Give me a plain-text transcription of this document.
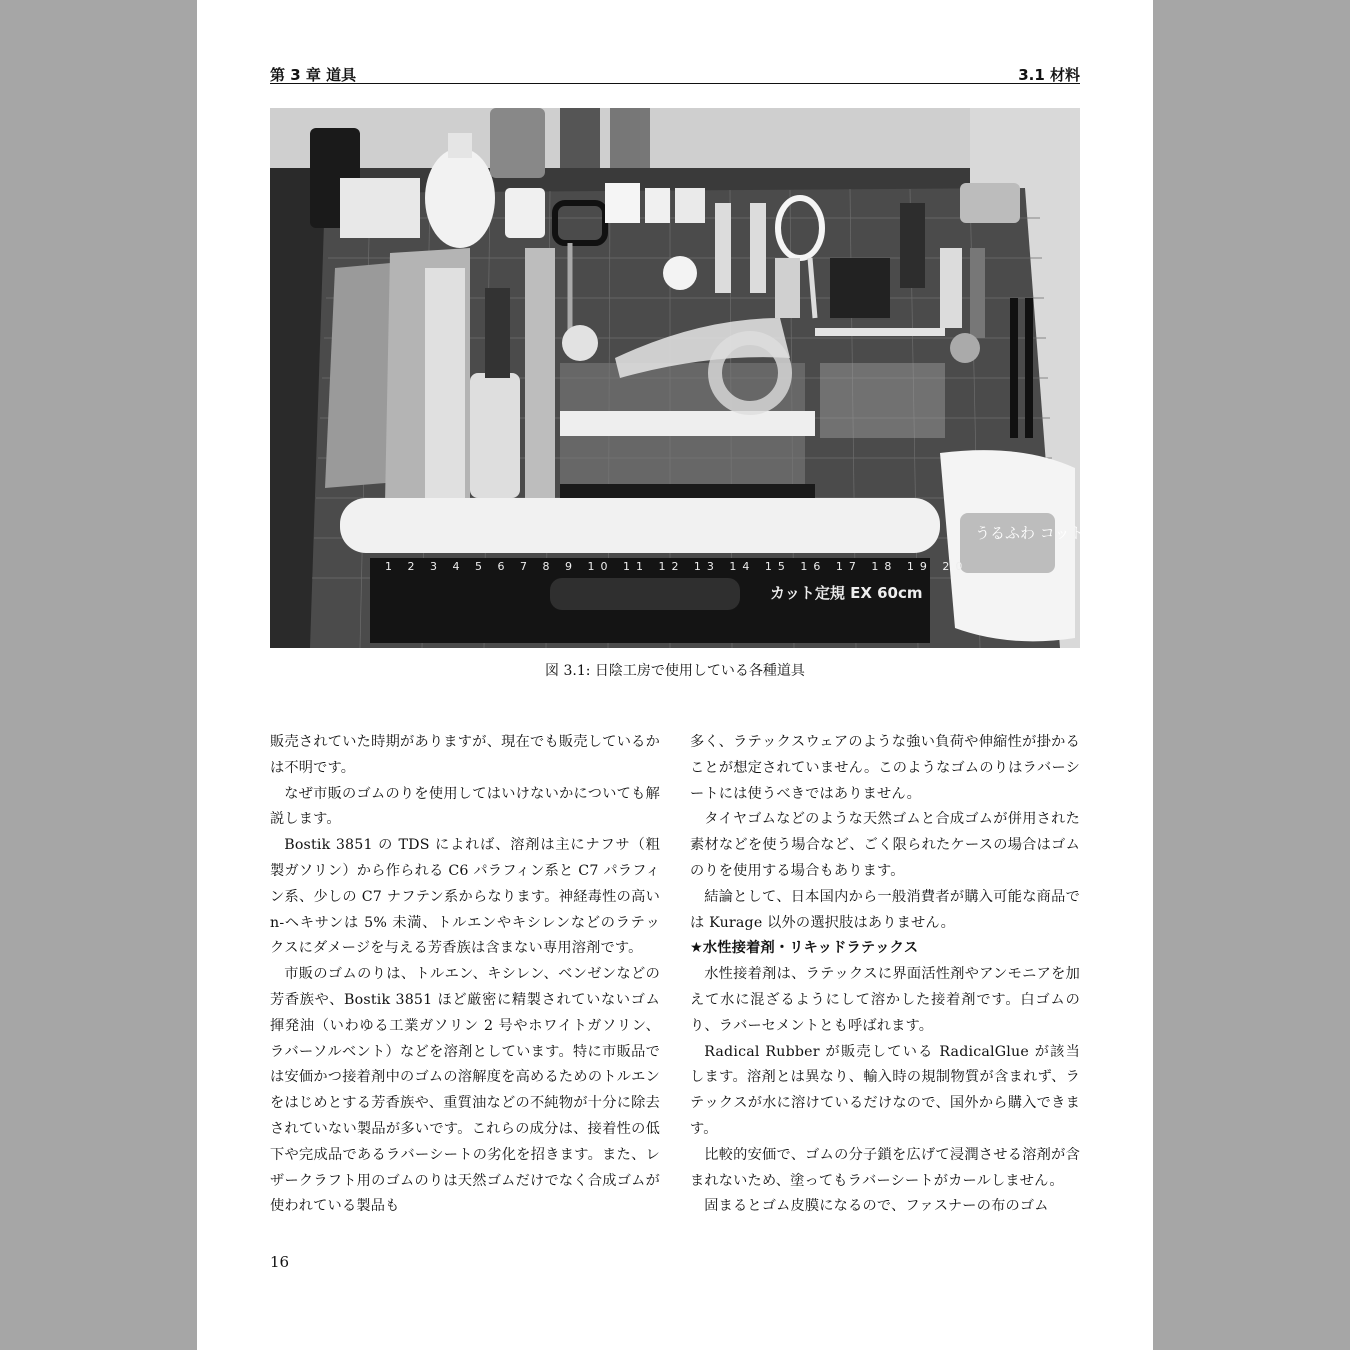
第 3 章 道具	3.1 材料
うるふわ コットン
1 2 3 4 5 6 7 8 9 10 11 12 13 14 15 16 17 18 19 20
カット定規 EX 60cm
図 3.1: 日陰工房で使用している各種道具

販売されていた時期がありますが、現在でも販売しているかは不明です。

なぜ市販のゴムのりを使用してはいけないかについても解説します。

Bostik 3851 の TDS によれば、溶剤は主にナフサ（粗製ガソリン）から作られる C6 パラフィン系と C7 パラフィン系、少しの C7 ナフテン系からなります。神経毒性の高い n-ヘキサンは 5% 未満、トルエンやキシレンなどのラテックスにダメージを与える芳香族は含まない専用溶剤です。

市販のゴムのりは、トルエン、キシレン、ベンゼンなどの芳香族や、Bostik 3851 ほど厳密に精製されていないゴム揮発油（いわゆる工業ガソリン 2 号やホワイトガソリン、ラバーソルベント）などを溶剤としています。特に市販品では安価かつ接着剤中のゴムの溶解度を高めるためのトルエンをはじめとする芳香族や、重質油などの不純物が十分に除去されていない製品が多いです。これらの成分は、接着性の低下や完成品であるラバーシートの劣化を招きます。また、レザークラフト用のゴムのりは天然ゴムだけでなく合成ゴムが使われている製品も

多く、ラテックスウェアのような強い負荷や伸縮性が掛かることが想定されていません。このようなゴムのりはラバーシートには使うべきではありません。

タイヤゴムなどのような天然ゴムと合成ゴムが併用された素材などを使う場合など、ごく限られたケースの場合はゴムのりを使用する場合もあります。

結論として、日本国内から一般消費者が購入可能な商品では Kurage 以外の選択肢はありません。

★水性接着剤・リキッドラテックス

水性接着剤は、ラテックスに界面活性剤やアンモニアを加えて水に混ざるようにして溶かした接着剤です。白ゴムのり、ラバーセメントとも呼ばれます。

Radical Rubber が販売している RadicalGlue が該当します。溶剤とは異なり、輸入時の規制物質が含まれず、ラテックスが水に溶けているだけなので、国外から購入できます。

比較的安価で、ゴムの分子鎖を広げて浸潤させる溶剤が含まれないため、塗ってもラバーシートがカールしません。

固まるとゴム皮膜になるので、ファスナーの布のゴム

16
